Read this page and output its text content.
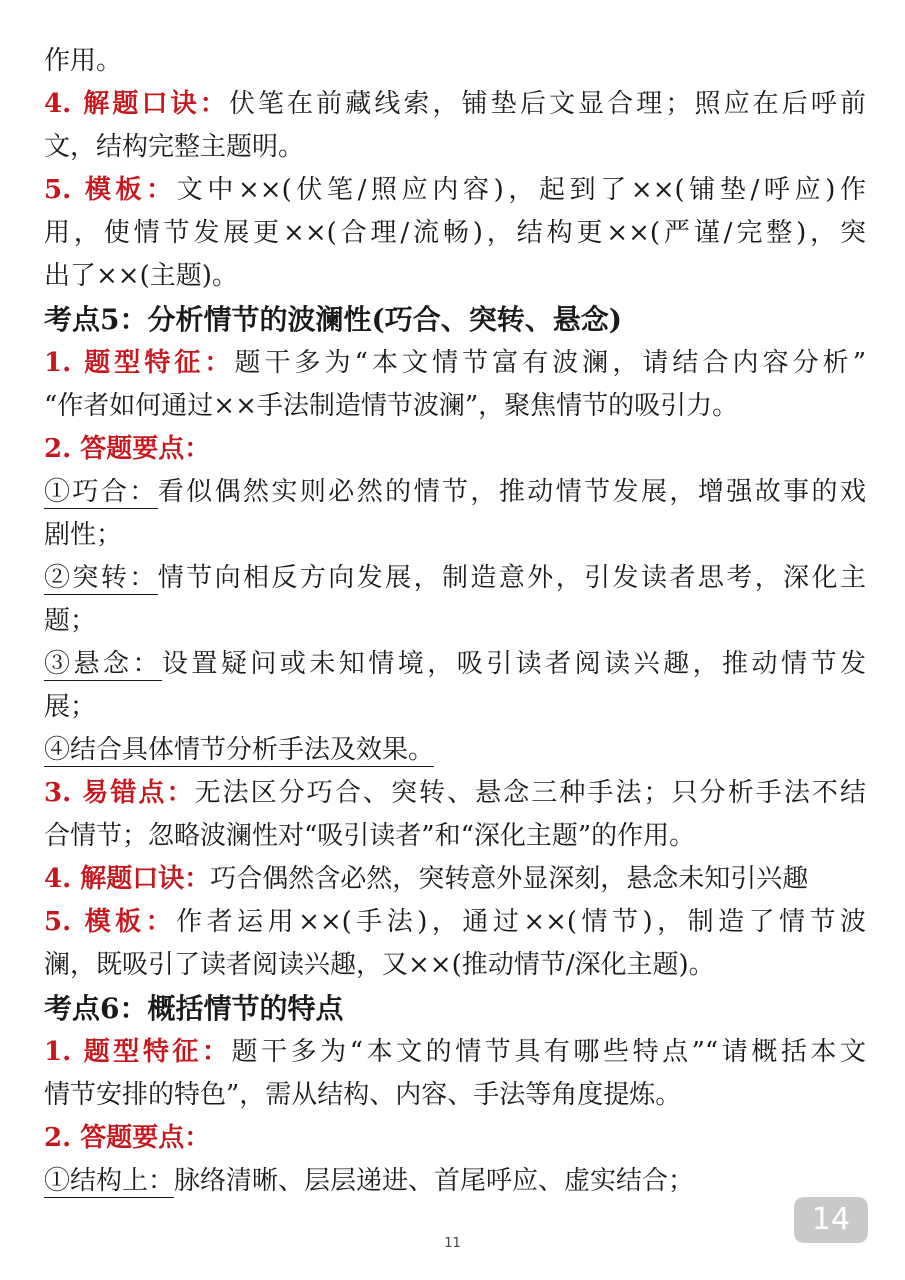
作用。
4. 解题口诀：伏笔在前藏线索，铺垫后文显合理；照应在后呼前
文，结构完整主题明。
5. 模板：文中××(伏笔/照应内容)，起到了××(铺垫/呼应)作
用，使情节发展更××(合理/流畅)，结构更××(严谨/完整)，突
出了××(主题)。
考点5：分析情节的波澜性(巧合、突转、悬念)
1. 题型特征：题干多为“本文情节富有波澜，请结合内容分析”
“作者如何通过××手法制造情节波澜”，聚焦情节的吸引力。
2. 答题要点：
①巧合：看似偶然实则必然的情节，推动情节发展，增强故事的戏
剧性；
②突转：情节向相反方向发展，制造意外，引发读者思考，深化主
题；
③悬念：设置疑问或未知情境，吸引读者阅读兴趣，推动情节发
展；
④结合具体情节分析手法及效果。
3. 易错点：无法区分巧合、突转、悬念三种手法；只分析手法不结
合情节；忽略波澜性对“吸引读者”和“深化主题”的作用。
4. 解题口诀：巧合偶然含必然，突转意外显深刻，悬念未知引兴趣
5. 模板：作者运用××(手法)，通过××(情节)，制造了情节波
澜，既吸引了读者阅读兴趣，又××(推动情节/深化主题)。
考点6：概括情节的特点
1. 题型特征：题干多为“本文的情节具有哪些特点”“请概括本文
情节安排的特色”，需从结构、内容、手法等角度提炼。
2. 答题要点：
①结构上：脉络清晰、层层递进、首尾呼应、虚实结合；
14
11
